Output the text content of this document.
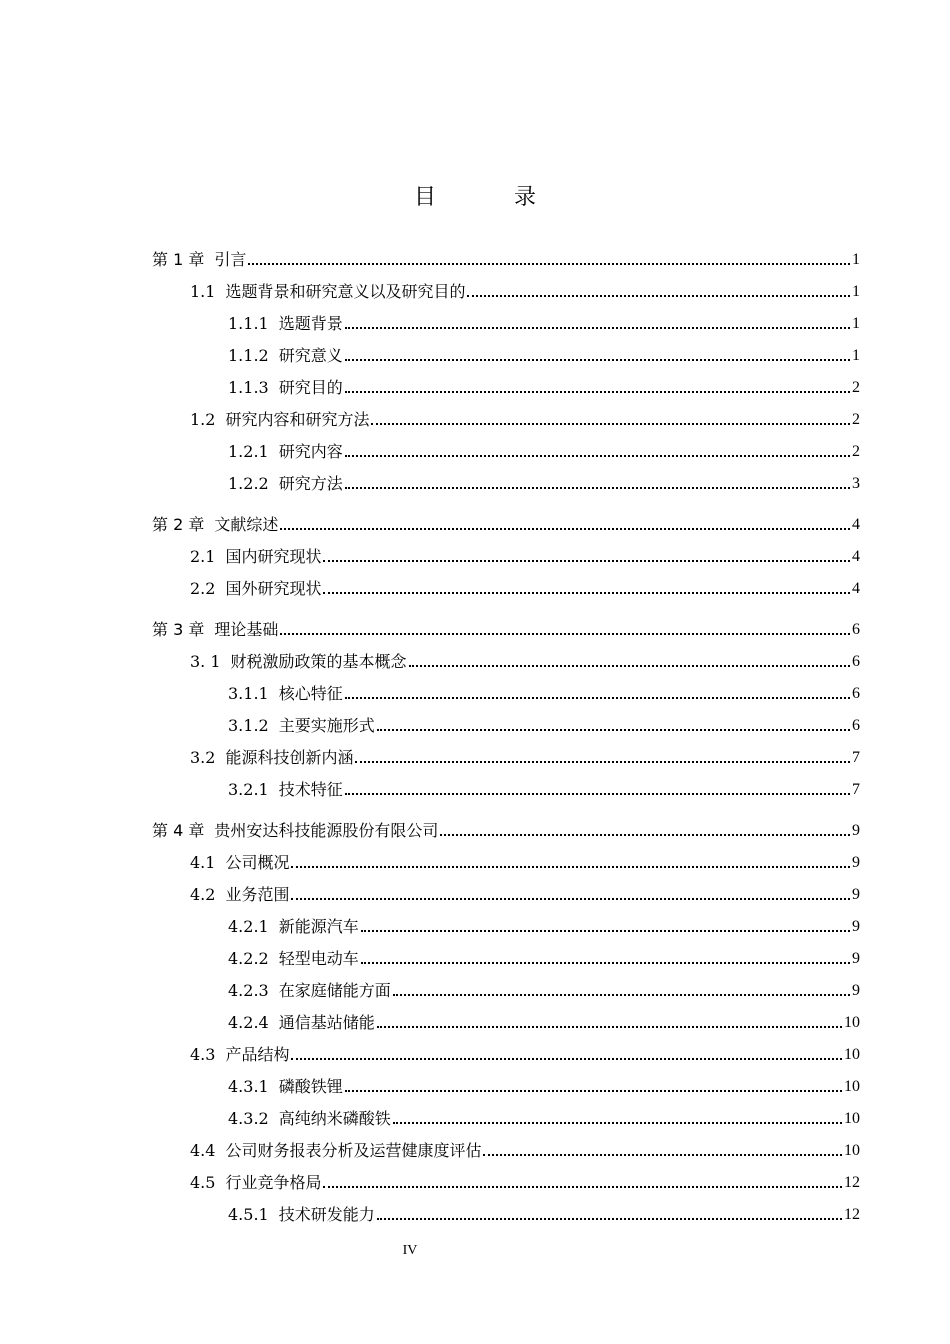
目　录
第 1 章 引言	1
1.1 选题背景和研究意义以及研究目的	1
1.1.1 选题背景	1
1.1.2 研究意义	1
1.1.3 研究目的	2
1.2 研究内容和研究方法	2
1.2.1 研究内容	2
1.2.2 研究方法	3
第 2 章 文献综述	4
2.1 国内研究现状	4
2.2 国外研究现状	4
第 3 章 理论基础	6
3. 1 财税激励政策的基本概念	6
3.1.1 核心特征	6
3.1.2 主要实施形式	6
3.2 能源科技创新内涵	7
3.2.1 技术特征	7
第 4 章 贵州安达科技能源股份有限公司	9
4.1 公司概况	9
4.2 业务范围	9
4.2.1 新能源汽车	9
4.2.2 轻型电动车	9
4.2.3 在家庭储能方面	9
4.2.4 通信基站储能	10
4.3 产品结构	10
4.3.1 磷酸铁锂	10
4.3.2 高纯纳米磷酸铁	10
4.4 公司财务报表分析及运营健康度评估	10
4.5 行业竞争格局	12
4.5.1 技术研发能力	12
IV
